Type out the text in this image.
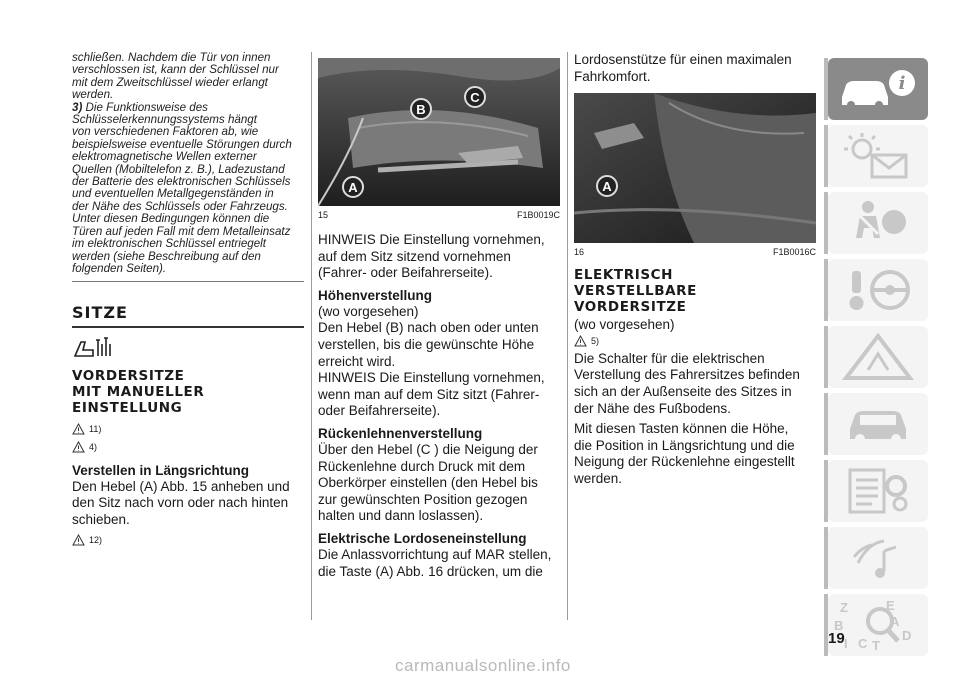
schließen. Nachdem die Tür von innen
verschlossen ist, kann der Schlüssel nur
mit dem Zweitschlüssel wieder erlangt
werden.
3) Die Funktionsweise des
Schlüsselerkennungssystems hängt
von verschiedenen Faktoren ab, wie
beispielsweise eventuelle Störungen durch
elektromagnetische Wellen externer
Quellen (Mobiltelefon z. B.), Ladezustand
der Batterie des elektronischen Schlüssels
und eventuellen Metallgegenständen in
der Nähe des Schlüssels oder Fahrzeugs.
Unter diesen Bedingungen können die
Türen auf jeden Fall mit dem Metalleinsatz
im elektronischen Schlüssel entriegelt
werden (siehe Beschreibung auf den
folgenden Seiten).
SITZE
VORDERSITZE
MIT MANUELLER
EINSTELLUNG
11)
4)
Verstellen in Längsrichtung
Den Hebel (A) Abb. 15 anheben und
den Sitz nach vorn oder nach hinten
schieben.
12)
A
B
C
15	F1B0019C
HINWEIS Die Einstellung vornehmen,
auf dem Sitz sitzend vornehmen
(Fahrer- oder Beifahrerseite).
Höhenverstellung
(wo vorgesehen)
Den Hebel (B) nach oben oder unten
verstellen, bis die gewünschte Höhe
erreicht wird.
HINWEIS Die Einstellung vornehmen,
wenn man auf dem Sitz sitzt (Fahrer-
oder Beifahrerseite).
Rückenlehnenverstellung
Über den Hebel (C ) die Neigung der
Rückenlehne durch Druck mit dem
Oberkörper einstellen (den Hebel bis
zur gewünschten Position gezogen
halten und dann loslassen).
Elektrische Lordoseneinstellung
Die Anlassvorrichtung auf MAR stellen,
die Taste (A) Abb. 16 drücken, um die
Lordosenstütze für einen maximalen
Fahrkomfort.
A
16	F1B0016C
ELEKTRISCH
VERSTELLBARE
VORDERSITZE
(wo vorgesehen)
5)
Die Schalter für die elektrischen
Verstellung des Fahrersitzes befinden
sich an der Außenseite des Sitzes in
der Nähe des Fußbodens.
Mit diesen Tasten können die Höhe,
die Position in Längsrichtung und die
Neigung der Rückenlehne eingestellt
werden.
i
Z	E
B	A
D
I C T
19
carmanualsonline.info
